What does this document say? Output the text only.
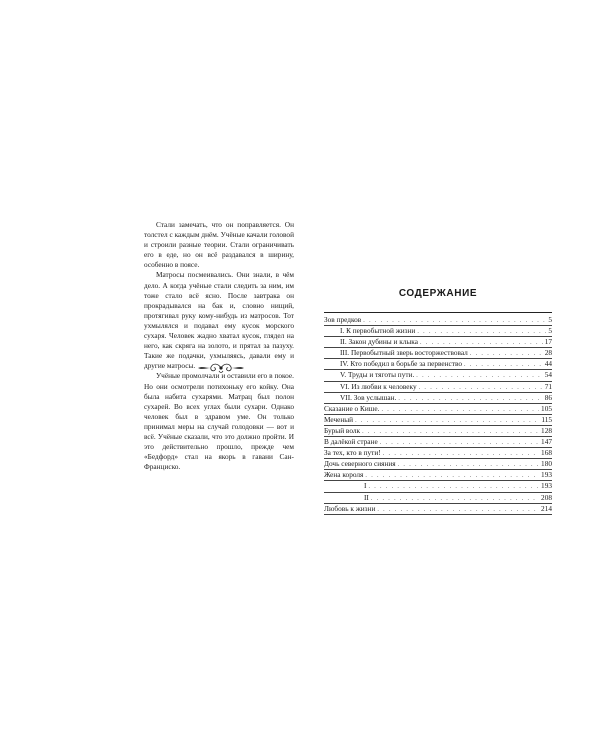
Стали замечать, что он поправляется. Он толстел с каждым днём. Учёные качали головой и строили разные теории. Стали ограничивать его в еде, но он всё раздавался в ширину, особенно в поясе.

Матросы посмеивались. Они знали, в чём дело. А когда учёные стали следить за ним, им тоже стало всё ясно. После завтрака он прокрадывался на бак и, словно нищий, протягивал руку кому-нибудь из матросов. Тот ухмылялся и подавал ему кусок морского сухаря. Человек жадно хватал кусок, глядел на него, как скряга на золото, и прятал за пазуху. Такие же подачки, ухмыляясь, давали ему и другие матросы.

Учёные промолчали и оставили его в покое. Но они осмотрели потихоньку его койку. Она была набита сухарями. Матрац был полон сухарей. Во всех углах были сухари. Однако человек был в здравом уме. Он только принимал меры на случай голодовки — вот и всё. Учёные сказали, что это должно пройти. И это действительно прошло, прежде чем «Бедфорд» стал на якорь в гавани Сан-Франциско.

СОДЕРЖАНИЕ
Зов предков . . .	5
I. К первобытной жизни . . .	5
II. Закон дубины и клыка . . .	17
III. Первобытный зверь восторжествовал . . .	28
IV. Кто победил в борьбе за первенство . . .	44
V. Труды и тяготы пути. . . .	54
VI. Из любви к человеку . . .	71
VII. Зов услышан. . . .	86
Сказание о Кише. . . .	105
Меченый . . .	115
Бурый волк . . .	128
В далёкой стране . . .	147
За тех, кто в пути! . . .	168
Дочь северного сияния . . .	180
Жена короля . . .	193
I . . .	193
II . . .	208
Любовь к жизни . . .	214
